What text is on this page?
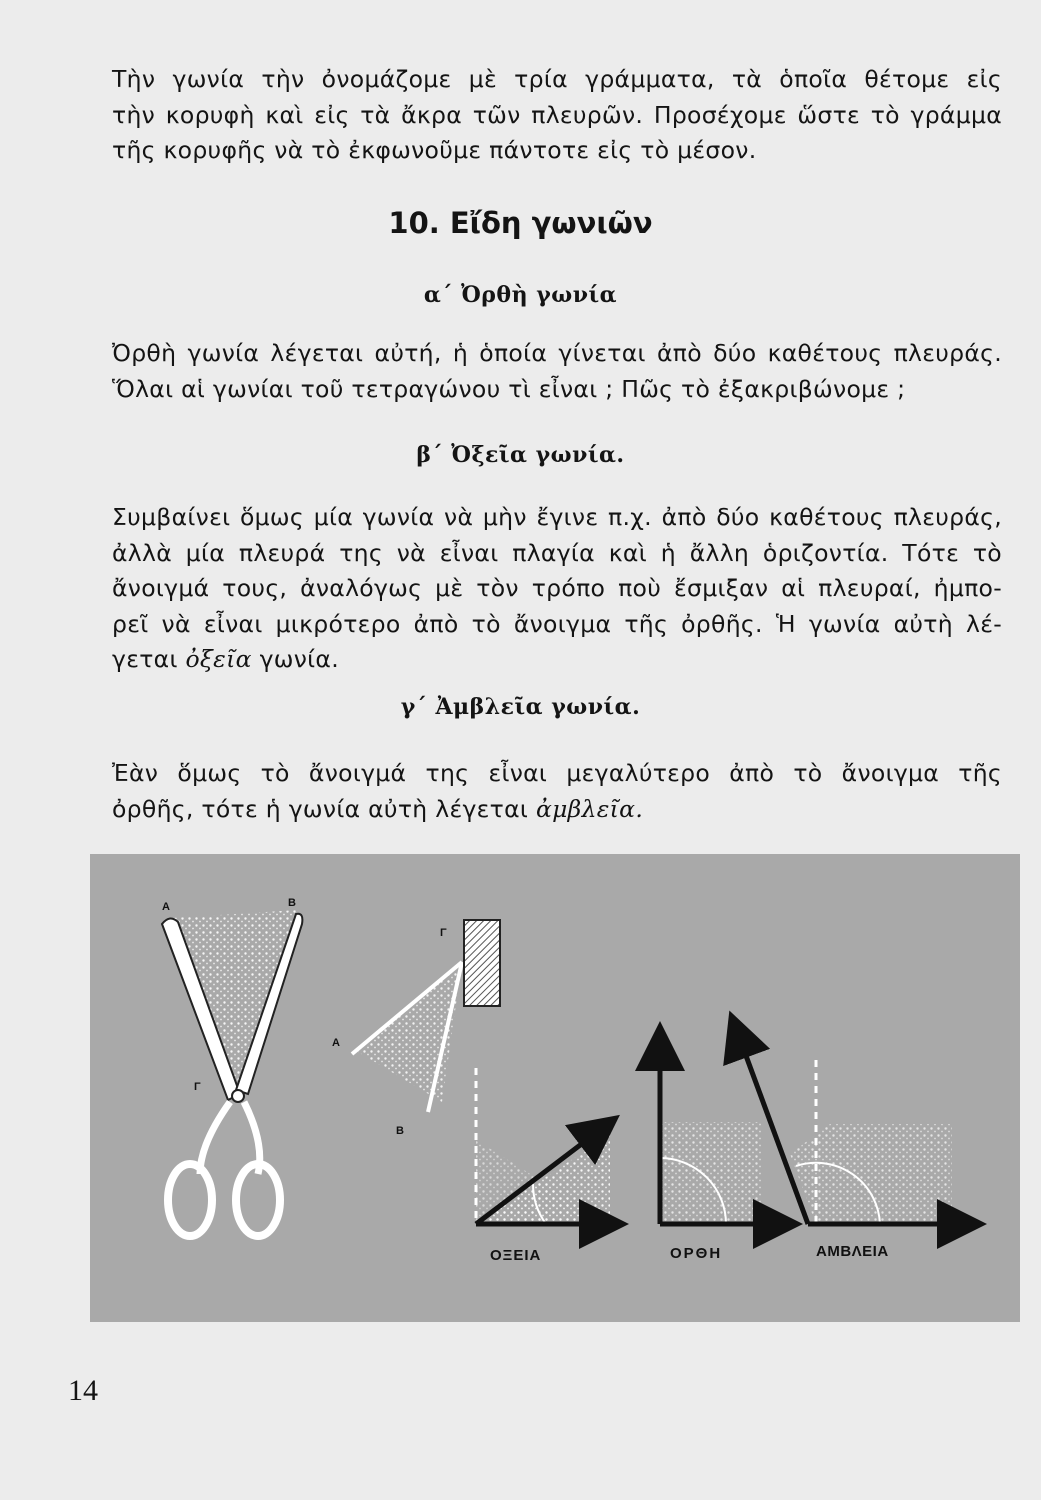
Τὴν γωνία τὴν ὀνομάζομε μὲ τρία γράμματα, τὰ ὁποῖα θέτομε εἰς
τὴν κορυφὴ καὶ εἰς τὰ ἄκρα τῶν πλευρῶν. Προσέχομε ὥστε τὸ γράμμα
τῆς κορυφῆς νὰ τὸ ἐκφωνοῦμε πάντοτε εἰς τὸ μέσον.
10. Εἴδη γωνιῶν
α΄ Ὀρθὴ γωνία
Ὀρθὴ γωνία λέγεται αὐτή, ἡ ὁποία γίνεται ἀπὸ δύο καθέτους πλευράς.
Ὅλαι αἱ γωνίαι τοῦ τετραγώνου τὶ εἶναι ; Πῶς τὸ ἐξακριβώνομε ;
β΄ Ὀξεῖα γωνία.
Συμβαίνει ὅμως μία γωνία νὰ μὴν ἔγινε π.χ. ἀπὸ δύο καθέτους πλευράς,
ἀλλὰ μία πλευρά της νὰ εἶναι πλαγία καὶ ἡ ἄλλη ὁριζοντία. Τότε τὸ
ἄνοιγμά τους, ἀναλόγως μὲ τὸν τρόπο ποὺ ἔσμιξαν αἱ πλευραί, ἠμπο-
ρεῖ νὰ εἶναι μικρότερο ἀπὸ τὸ ἄνοιγμα τῆς ὀρθῆς. Ἡ γωνία αὐτὴ λέ-
γεται ὀξεῖα γωνία.
γ΄ Ἀμβλεῖα γωνία.
Ἐὰν ὅμως τὸ ἄνοιγμά της εἶναι μεγαλύτερο ἀπὸ τὸ ἄνοιγμα τῆς
ὀρθῆς, τότε ἡ γωνία αὐτὴ λέγεται ἀμβλεῖα.
Α	Β
Γ
Γ
Α
Β
ΟΞΕΙΑ	ΟΡΘΗ	ΑΜΒΛΕΙΑ
14
